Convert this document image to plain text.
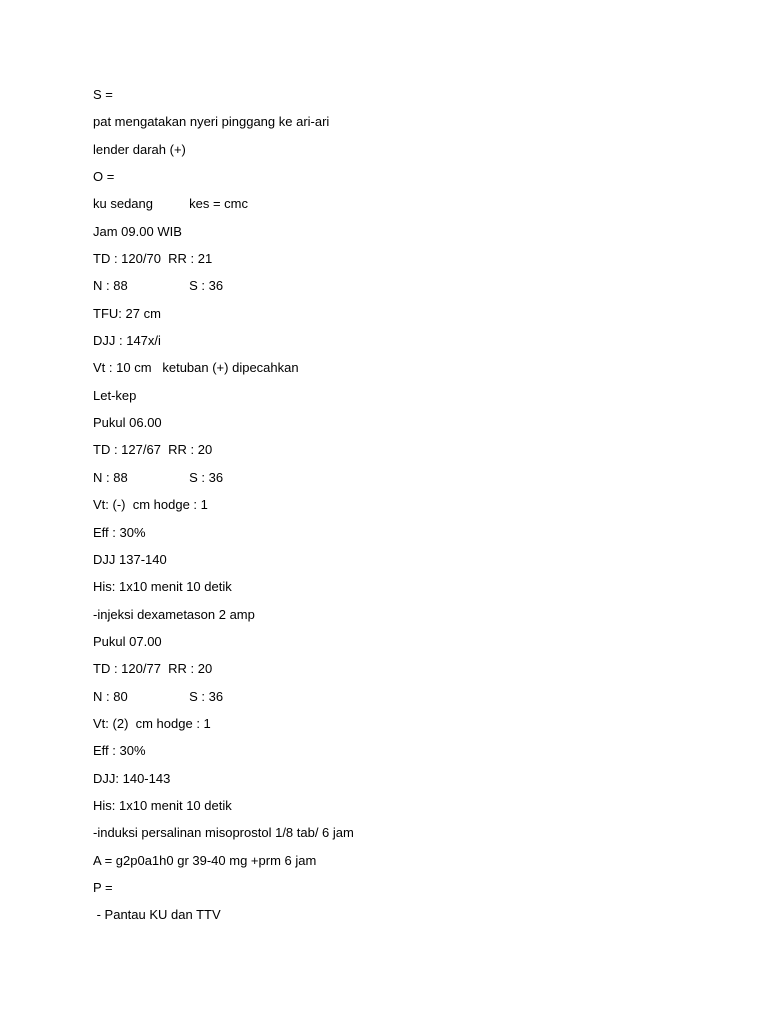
S =
pat mengatakan nyeri pinggang ke ari-ari
lender darah (+)
O =
ku sedang          kes = cmc
Jam 09.00 WIB
TD : 120/70  RR : 21
N : 88                 S : 36
TFU: 27 cm
DJJ : 147x/i
Vt : 10 cm   ketuban (+) dipecahkan
Let-kep
Pukul 06.00
TD : 127/67  RR : 20
N : 88                 S : 36
Vt: (-)  cm hodge : 1
Eff : 30%
DJJ 137-140
His: 1x10 menit 10 detik
-injeksi dexametason 2 amp
Pukul 07.00
TD : 120/77  RR : 20
N : 80                 S : 36
Vt: (2)  cm hodge : 1
Eff : 30%
DJJ: 140-143
His: 1x10 menit 10 detik
-induksi persalinan misoprostol 1/8 tab/ 6 jam
A = g2p0a1h0 gr 39-40 mg +prm 6 jam
P =
- Pantau KU dan TTV
